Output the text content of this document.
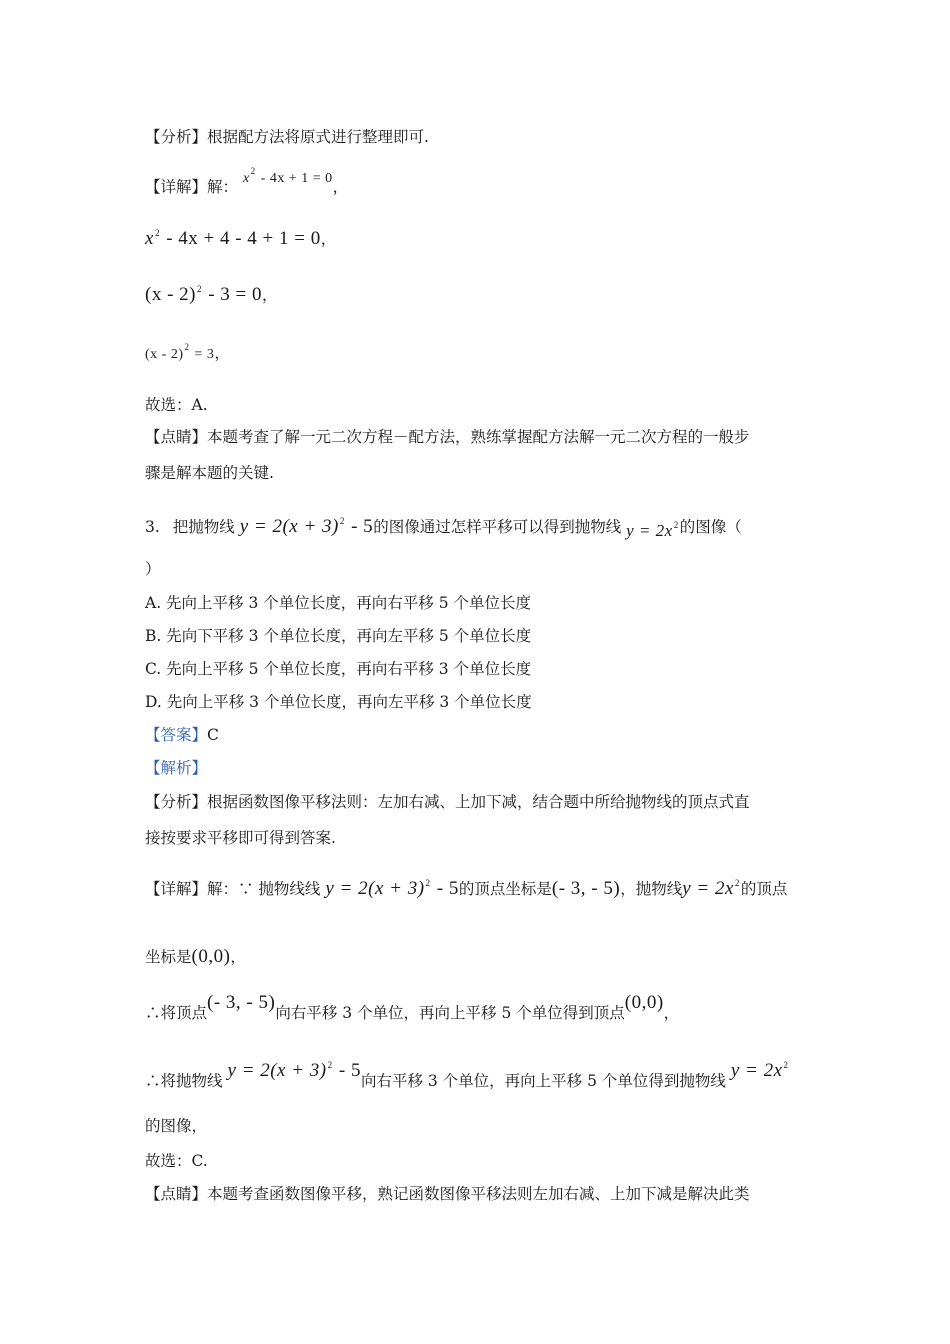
【分析】根据配方法将原式进行整理即可.
【详解】解： $x^2 - 4x + 1 = 0$，
$x^2 - 4x + 4 - 4 + 1 = 0$，
(x - 2)$^2$ - 3 = 0，
(x - 2)$^2$ = 3，
故选：A.
【点睛】本题考查了解一元二次方程－配方法，熟练掌握配方法解一元二次方程的一般步
骤是解本题的关键.
3. 把抛物线 $y = 2(x + 3)^2 - 5$的图像通过怎样平移可以得到抛物线 $y = 2x^2$的图像（
）
A. 先向上平移 3 个单位长度，再向右平移 5 个单位长度
B. 先向下平移 3 个单位长度，再向左平移 5 个单位长度
C. 先向上平移 5 个单位长度，再向右平移 3 个单位长度
D. 先向上平移 3 个单位长度，再向左平移 3 个单位长度
【答案】C
【解析】
【分析】根据函数图像平移法则：左加右减、上加下减，结合题中所给抛物线的顶点式直
接按要求平移即可得到答案.
【详解】解：∵ 抛物线线 $y = 2(x + 3)^2 - 5$的顶点坐标是(- 3, - 5)，抛物线$y = 2x^2$的顶点
坐标是(0,0)，
∴将顶点(- 3, - 5)向右平移 3 个单位，再向上平移 5 个单位得到顶点(0,0)，
∴将抛物线 $y = 2(x + 3)^2 - 5$向右平移 3 个单位，再向上平移 5 个单位得到抛物线 $y = 2x^2$
的图像，
故选：C.
【点睛】本题考查函数图像平移，熟记函数图像平移法则左加右减、上加下减是解决此类
